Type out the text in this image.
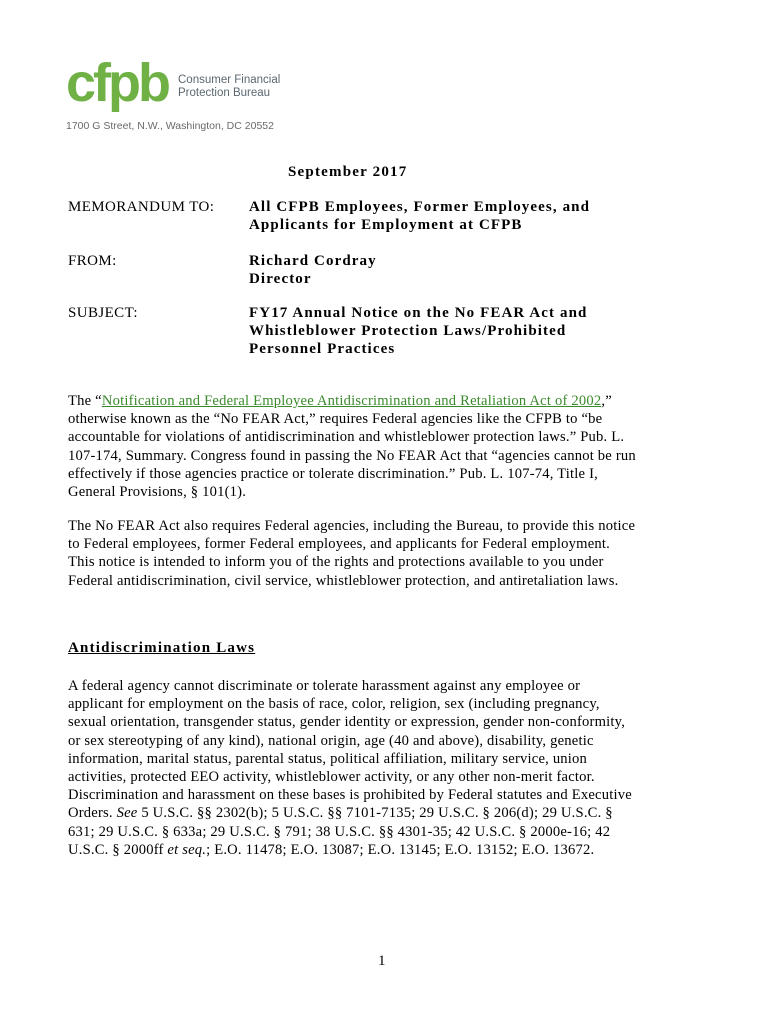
cfpb Consumer Financial
Protection Bureau
1700 G Street, N.W., Washington, DC 20552
September 2017
MEMORANDUM TO: All CFPB Employees, Former Employees, and
Applicants for Employment at CFPB
FROM:	Richard Cordray
Director
SUBJECT:	FY17 Annual Notice on the No FEAR Act and
Whistleblower Protection Laws/Prohibited
Personnel Practices
The “Notification and Federal Employee Antidiscrimination and Retaliation Act of 2002,” otherwise known as the “No FEAR Act,” requires Federal agencies like the CFPB to “be accountable for violations of antidiscrimination and whistleblower protection laws.” Pub. L. 107-174, Summary. Congress found in passing the No FEAR Act that “agencies cannot be run effectively if those agencies practice or tolerate discrimination.” Pub. L. 107-74, Title I, General Provisions, § 101(1).
The No FEAR Act also requires Federal agencies, including the Bureau, to provide this notice to Federal employees, former Federal employees, and applicants for Federal employment. This notice is intended to inform you of the rights and protections available to you under Federal antidiscrimination, civil service, whistleblower protection, and antiretaliation laws.
Antidiscrimination Laws
A federal agency cannot discriminate or tolerate harassment against any employee or applicant for employment on the basis of race, color, religion, sex (including pregnancy, sexual orientation, transgender status, gender identity or expression, gender non-conformity, or sex stereotyping of any kind), national origin, age (40 and above), disability, genetic information, marital status, parental status, political affiliation, military service, union activities, protected EEO activity, whistleblower activity, or any other non-merit factor. Discrimination and harassment on these bases is prohibited by Federal statutes and Executive Orders. See 5 U.S.C. §§ 2302(b); 5 U.S.C. §§ 7101-7135; 29 U.S.C. § 206(d); 29 U.S.C. § 631; 29 U.S.C. § 633a; 29 U.S.C. § 791; 38 U.S.C. §§ 4301-35; 42 U.S.C. § 2000e-16; 42 U.S.C. § 2000ff et seq.; E.O. 11478; E.O. 13087; E.O. 13145; E.O. 13152; E.O. 13672.
1
